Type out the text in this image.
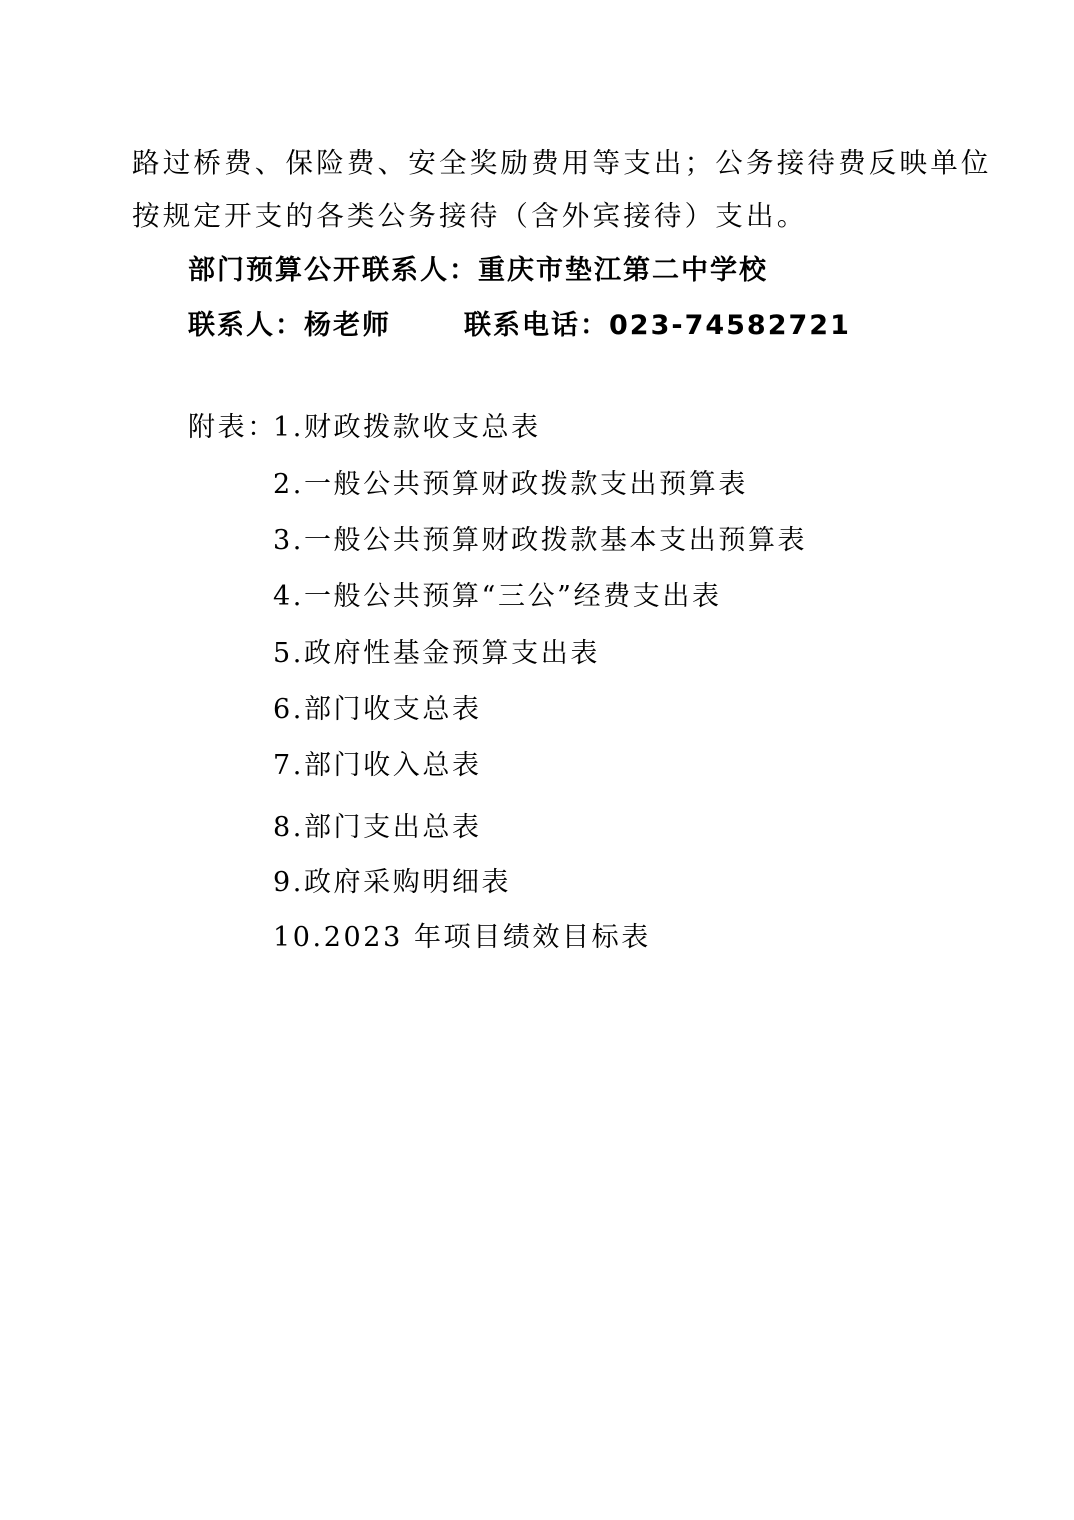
路过桥费、保险费、安全奖励费用等支出；公务接待费反映单位
按规定开支的各类公务接待（含外宾接待）支出。
部门预算公开联系人：重庆市垫江第二中学校
联系人：杨老师	联系电话：023-74582721
附表：
1.财政拨款收支总表
2.一般公共预算财政拨款支出预算表
3.一般公共预算财政拨款基本支出预算表
4.一般公共预算“三公”经费支出表
5.政府性基金预算支出表
6.部门收支总表
7.部门收入总表
8.部门支出总表
9.政府采购明细表
10.2023 年项目绩效目标表
